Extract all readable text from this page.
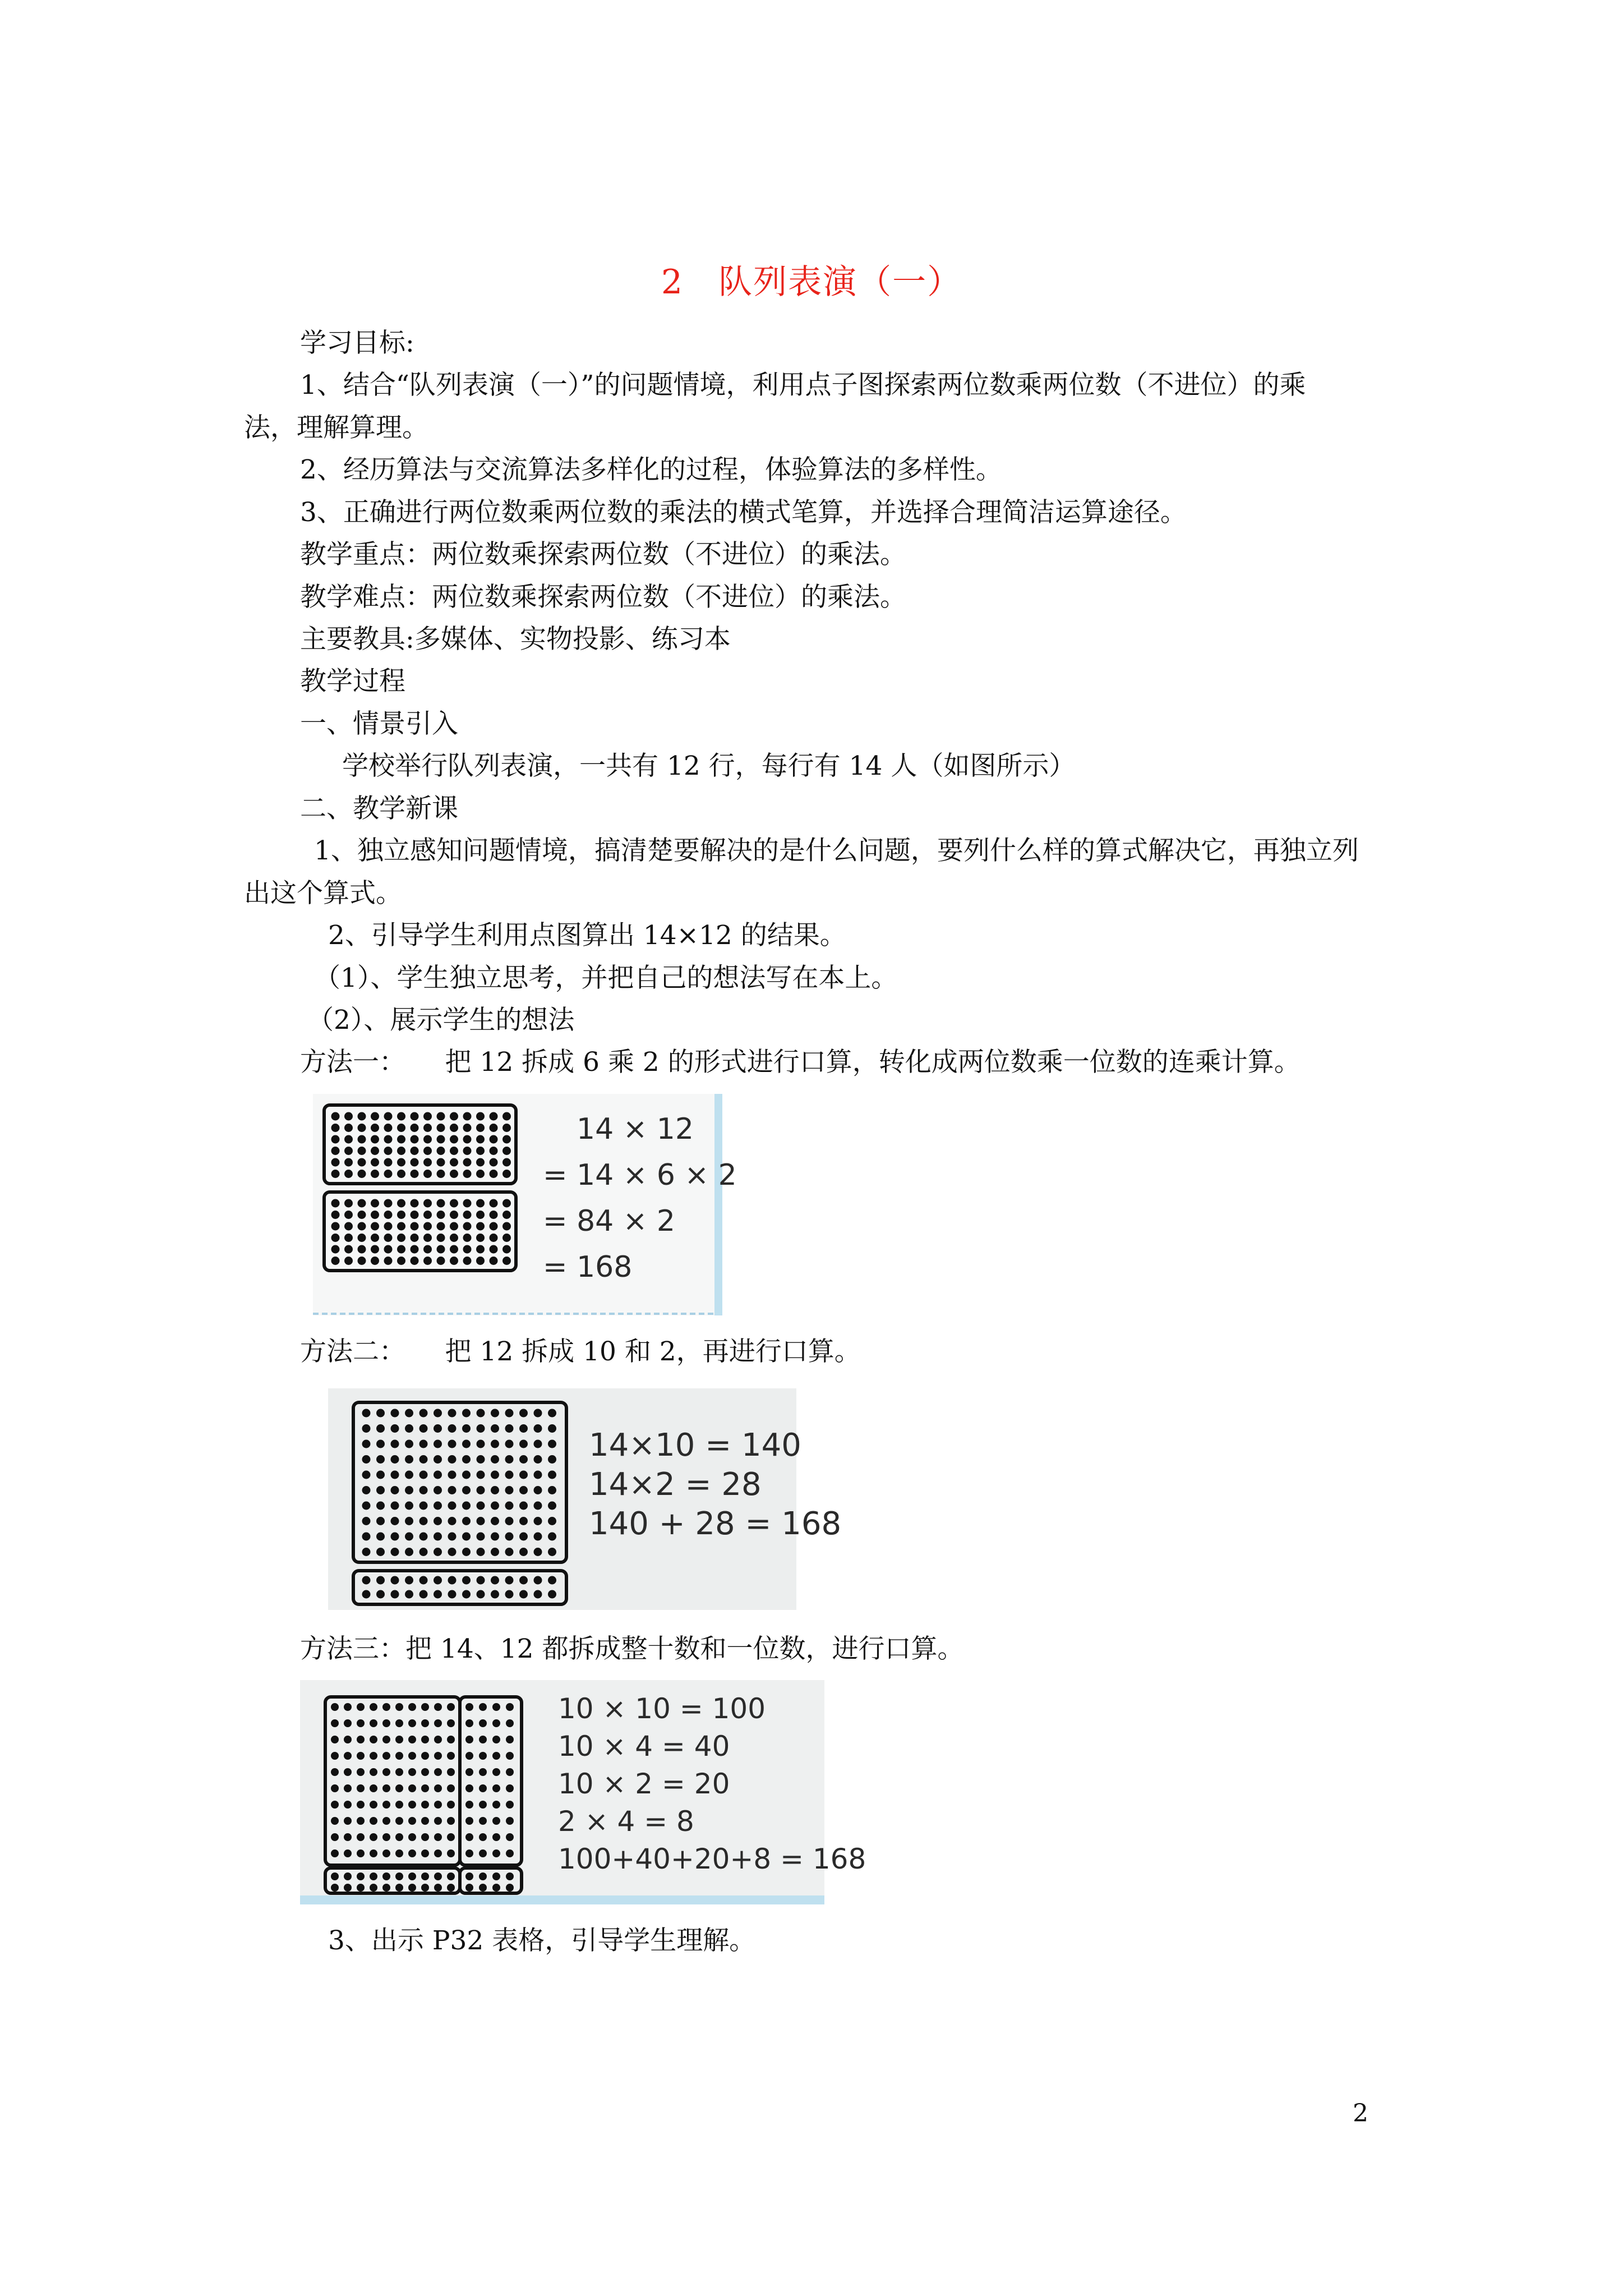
2　队列表演（一）
学习目标:
1、结合“队列表演（一）”的问题情境，利用点子图探索两位数乘两位数（不进位）的乘
法，理解算理。
2、经历算法与交流算法多样化的过程，体验算法的多样性。
3、正确进行两位数乘两位数的乘法的横式笔算，并选择合理简洁运算途径。
教学重点：两位数乘探索两位数（不进位）的乘法。
教学难点：两位数乘探索两位数（不进位）的乘法。
主要教具:多媒体、实物投影、练习本
教学过程
一、情景引入
学校举行队列表演，一共有 12 行，每行有 14 人（如图所示）
二、教学新课
1、独立感知问题情境，搞清楚要解决的是什么问题，要列什么样的算式解决它，再独立列
出这个算式。
2、引导学生利用点图算出 14×12 的结果。
（1）、学生独立思考，并把自己的想法写在本上。
（2）、展示学生的想法
方法一：　　把 12 拆成 6 乘 2 的形式进行口算，转化成两位数乘一位数的连乘计算。
14 × 12
= 14 × 6 × 2
= 84 × 2
= 168
方法二：　　把 12 拆成 10 和 2，再进行口算。
14×10 = 140
14×2 = 28
140 + 28 = 168
方法三：把 14、12 都拆成整十数和一位数，进行口算。
10 × 10 = 100
10 × 4 = 40
10 × 2 = 20
2 × 4 = 8
100+40+20+8 = 168
3、出示 P32 表格，引导学生理解。
2
